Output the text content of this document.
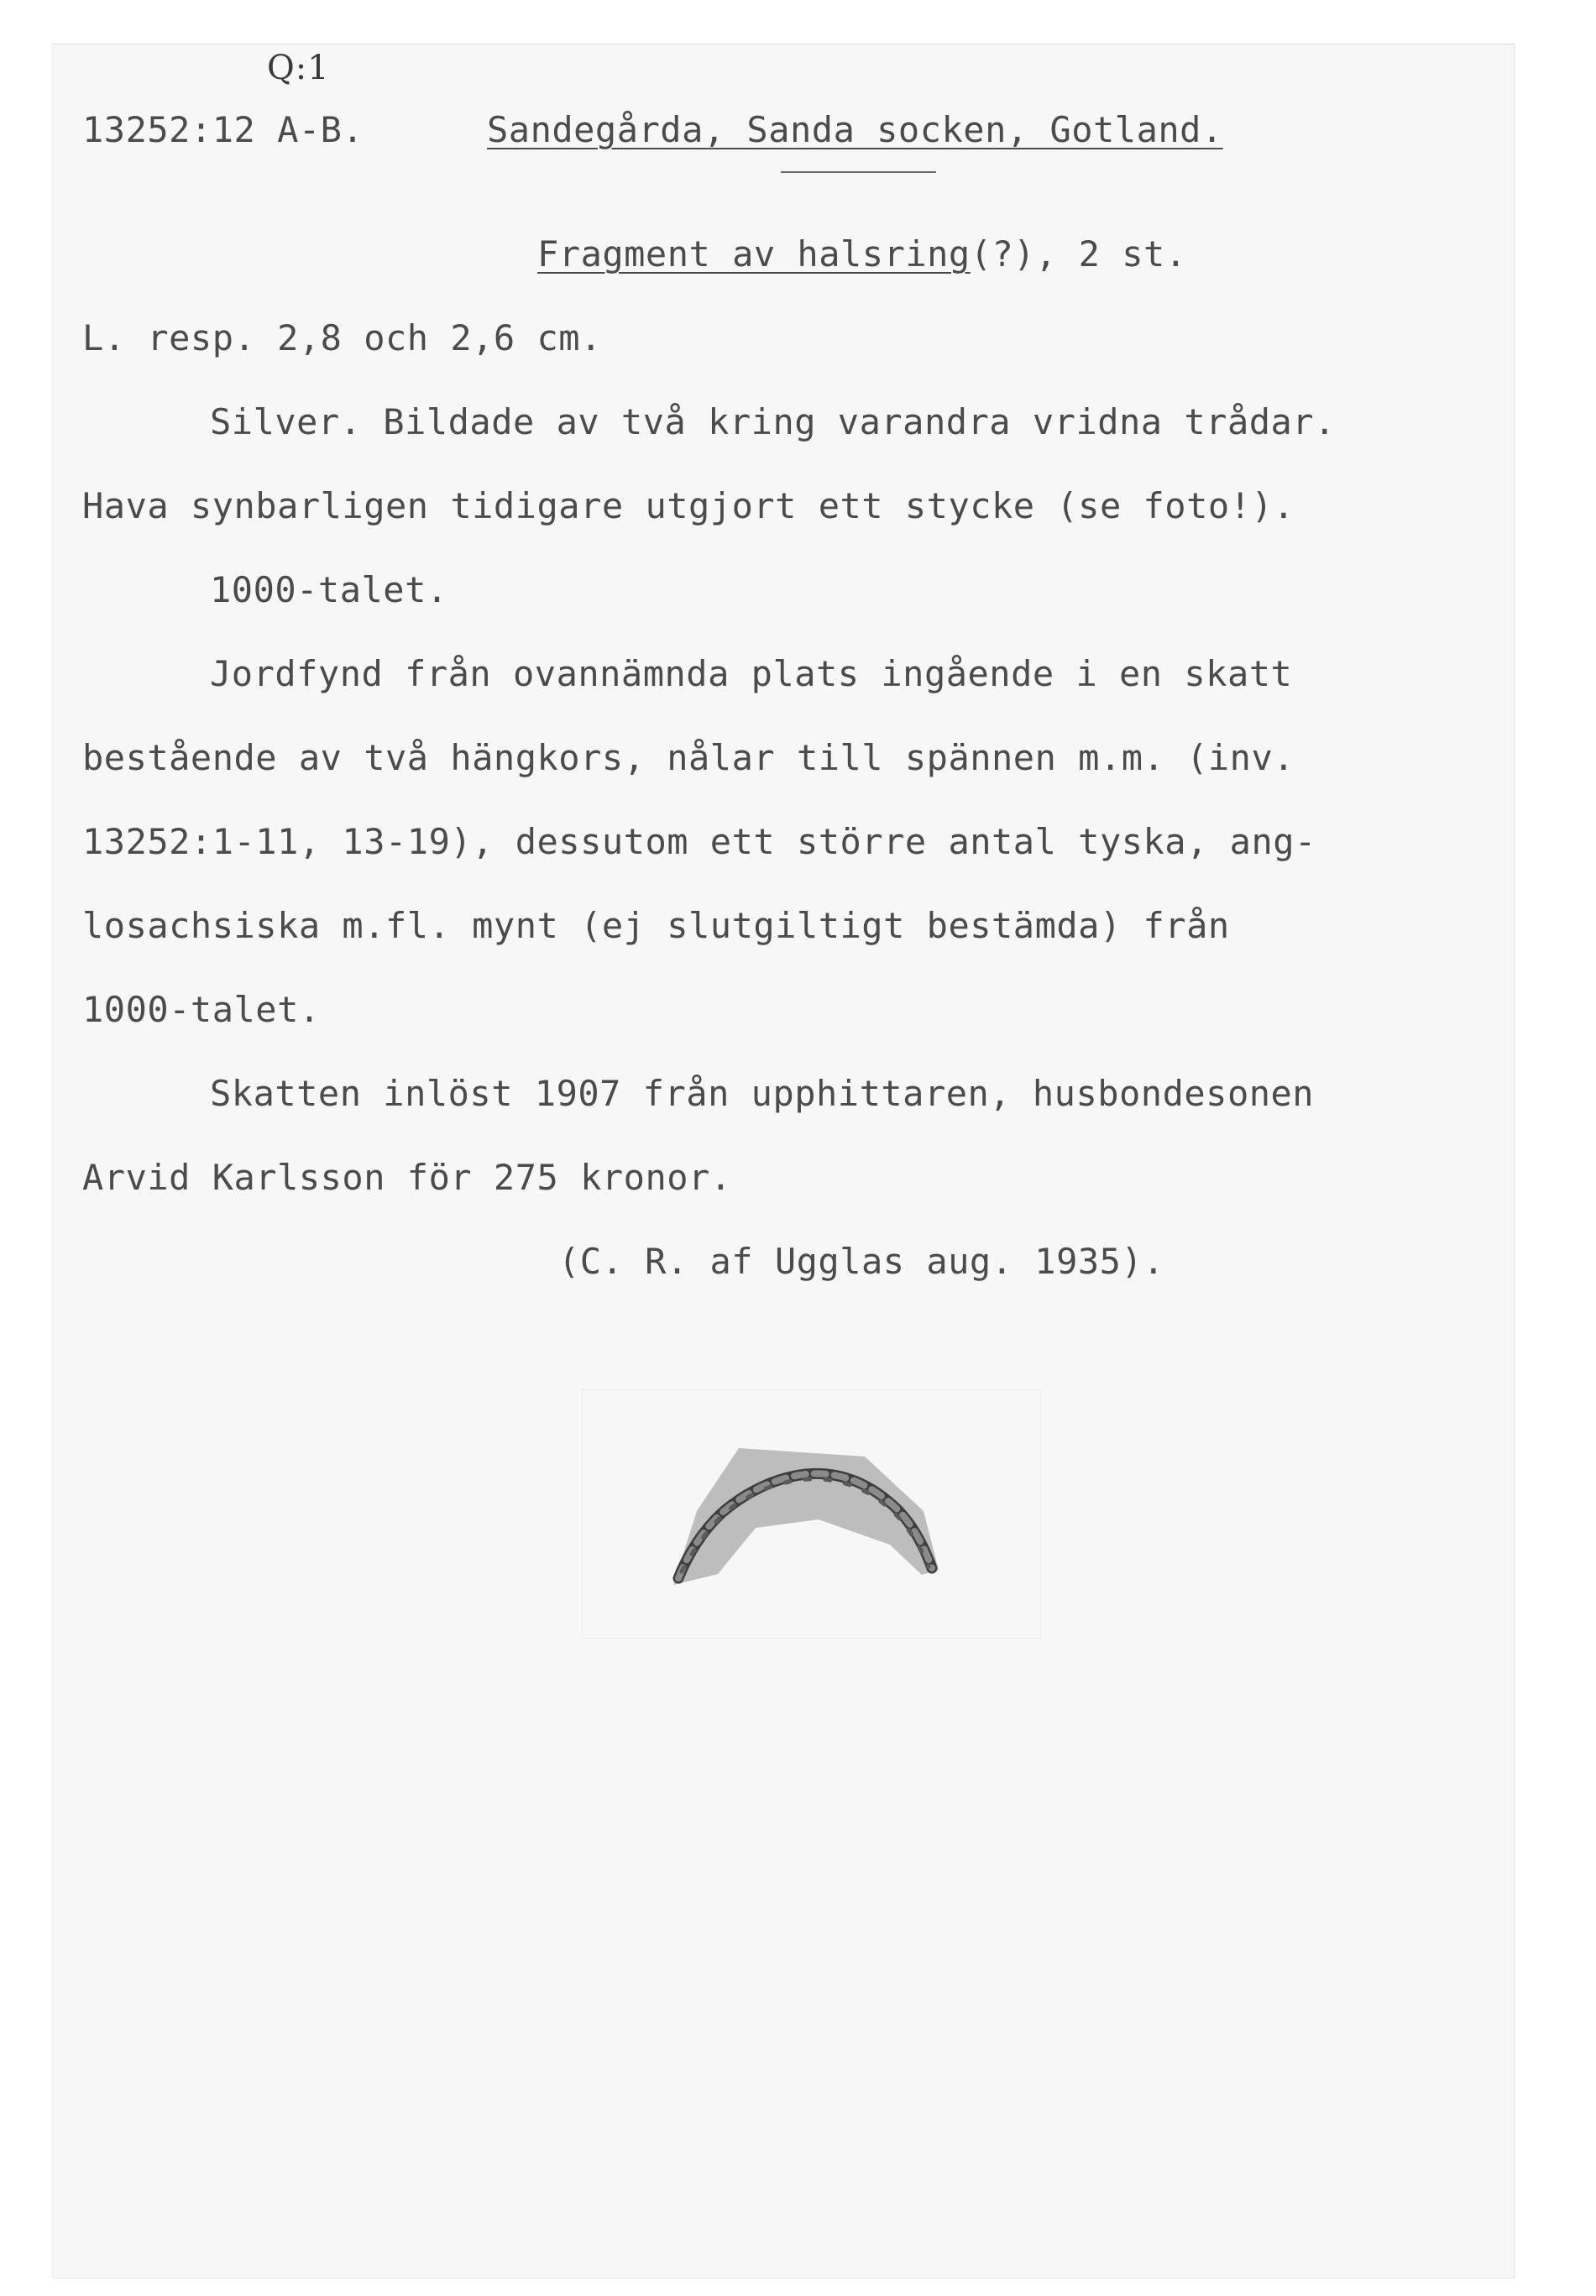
Q:1
13252:12 A-B.	Sandegårda, Sanda socken, Gotland.
Fragment av halsring(?), 2 st.
L. resp. 2,8 och 2,6 cm.
Silver. Bildade av två kring varandra vridna trådar.
Hava synbarligen tidigare utgjort ett stycke (se foto!).
1000-talet.
Jordfynd från ovannämnda plats ingående i en skatt
bestående av två hängkors, nålar till spännen m.m. (inv.
13252:1-11, 13-19), dessutom ett större antal tyska, ang-
losachsiska m.fl. mynt (ej slutgiltigt bestämda) från
1000-talet.
Skatten inlöst 1907 från upphittaren, husbondesonen
Arvid Karlsson för 275 kronor.
(C. R. af Ugglas aug. 1935).
